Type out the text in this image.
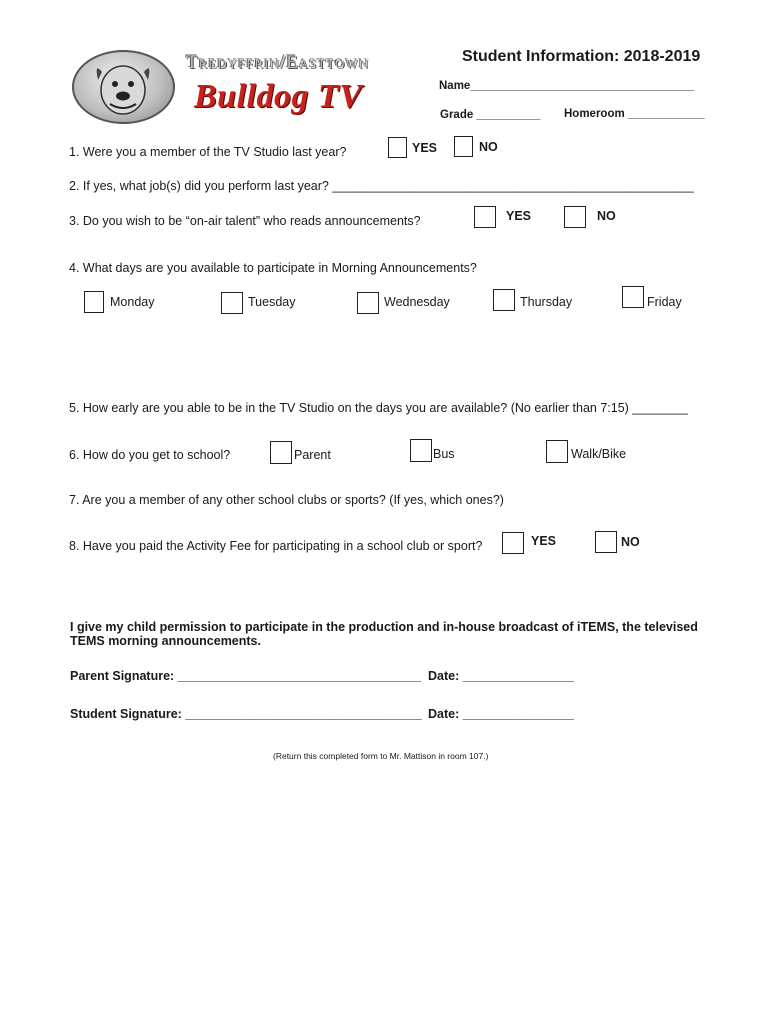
Tredyffrin/Easttown
Bulldog TV
Student Information: 2018-2019
Name___________________________________
Grade __________ Homeroom ____________
1. Were you a member of the TV Studio last year?	YES	NO
2. If yes, what job(s) did you perform last year? ____________________________________________________
3. Do you wish to be “on-air talent” who reads announcements?	YES	NO
4. What days are you available to participate in Morning Announcements?
Monday	Tuesday	Wednesday	Thursday	Friday
5. How early are you able to be in the TV Studio on the days you are available? (No earlier than 7:15) ________
6. How do you get to school?	Parent	Bus	Walk/Bike
7. Are you a member of any other school clubs or sports? (If yes, which ones?)
8. Have you paid the Activity Fee for participating in a school club or sport?	YES	NO
I give my child permission to participate in the production and in-house broadcast of iTEMS, the televised
TEMS morning announcements.
Parent Signature: ___________________________________ Date: ________________
Student Signature: __________________________________ Date: ________________
(Return this completed form to Mr. Mattison in room 107.)
